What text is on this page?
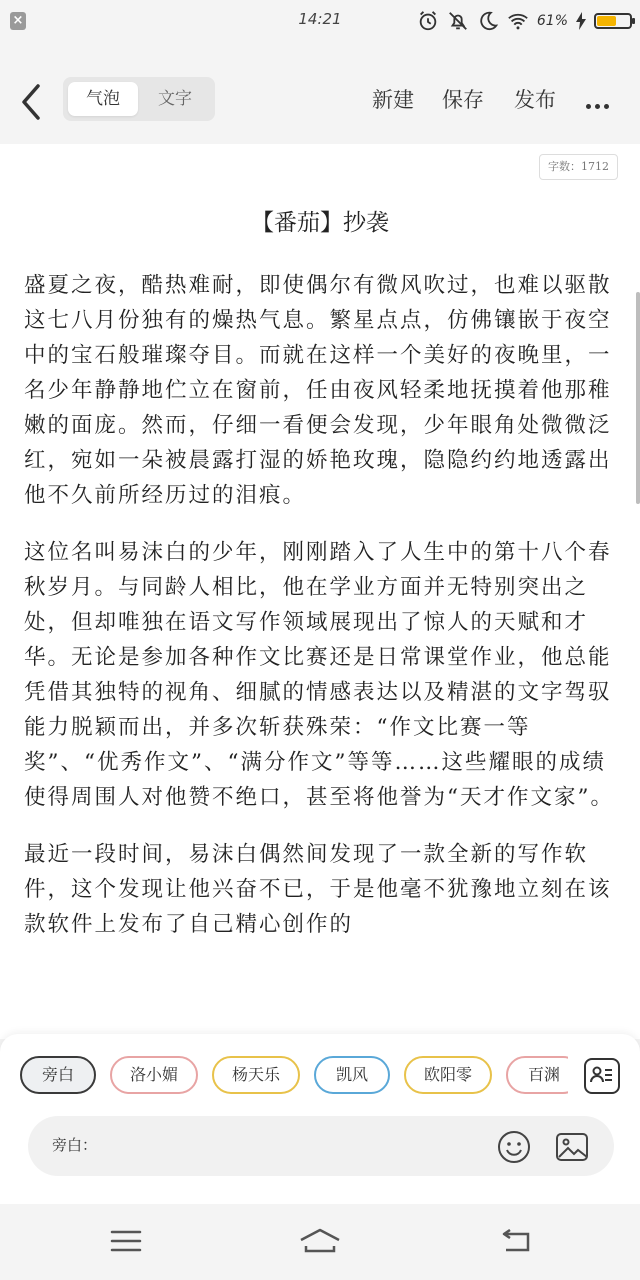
×	14:21	61%
气泡	文字	新建 保存 发布
字数：1712
【番茄】抄袭

盛夏之夜，酷热难耐，即使偶尔有微风吹过，也难以驱散这七八月份独有的燥热气息。繁星点点，仿佛镶嵌于夜空中的宝石般璀璨夺目。而就在这样一个美好的夜晚里，一名少年静静地伫立在窗前，任由夜风轻柔地抚摸着他那稚嫩的面庞。然而，仔细一看便会发现，少年眼角处微微泛红，宛如一朵被晨露打湿的娇艳玫瑰，隐隐约约地透露出他不久前所经历过的泪痕。

这位名叫易沫白的少年，刚刚踏入了人生中的第十八个春秋岁月。与同龄人相比，他在学业方面并无特别突出之处，但却唯独在语文写作领域展现出了惊人的天赋和才华。无论是参加各种作文比赛还是日常课堂作业，他总能凭借其独特的视角、细腻的情感表达以及精湛的文字驾驭能力脱颖而出，并多次斩获殊荣：“作文比赛一等奖”、“优秀作文”、“满分作文”等等……这些耀眼的成绩使得周围人对他赞不绝口，甚至将他誉为“天才作文家”。

最近一段时间，易沫白偶然间发现了一款全新的写作软件，这个发现让他兴奋不已，于是他毫不犹豫地立刻在该款软件上发布了自己精心创作的

旁白	洛小媚	杨天乐	凯风	欧阳零	百渊
旁白：
